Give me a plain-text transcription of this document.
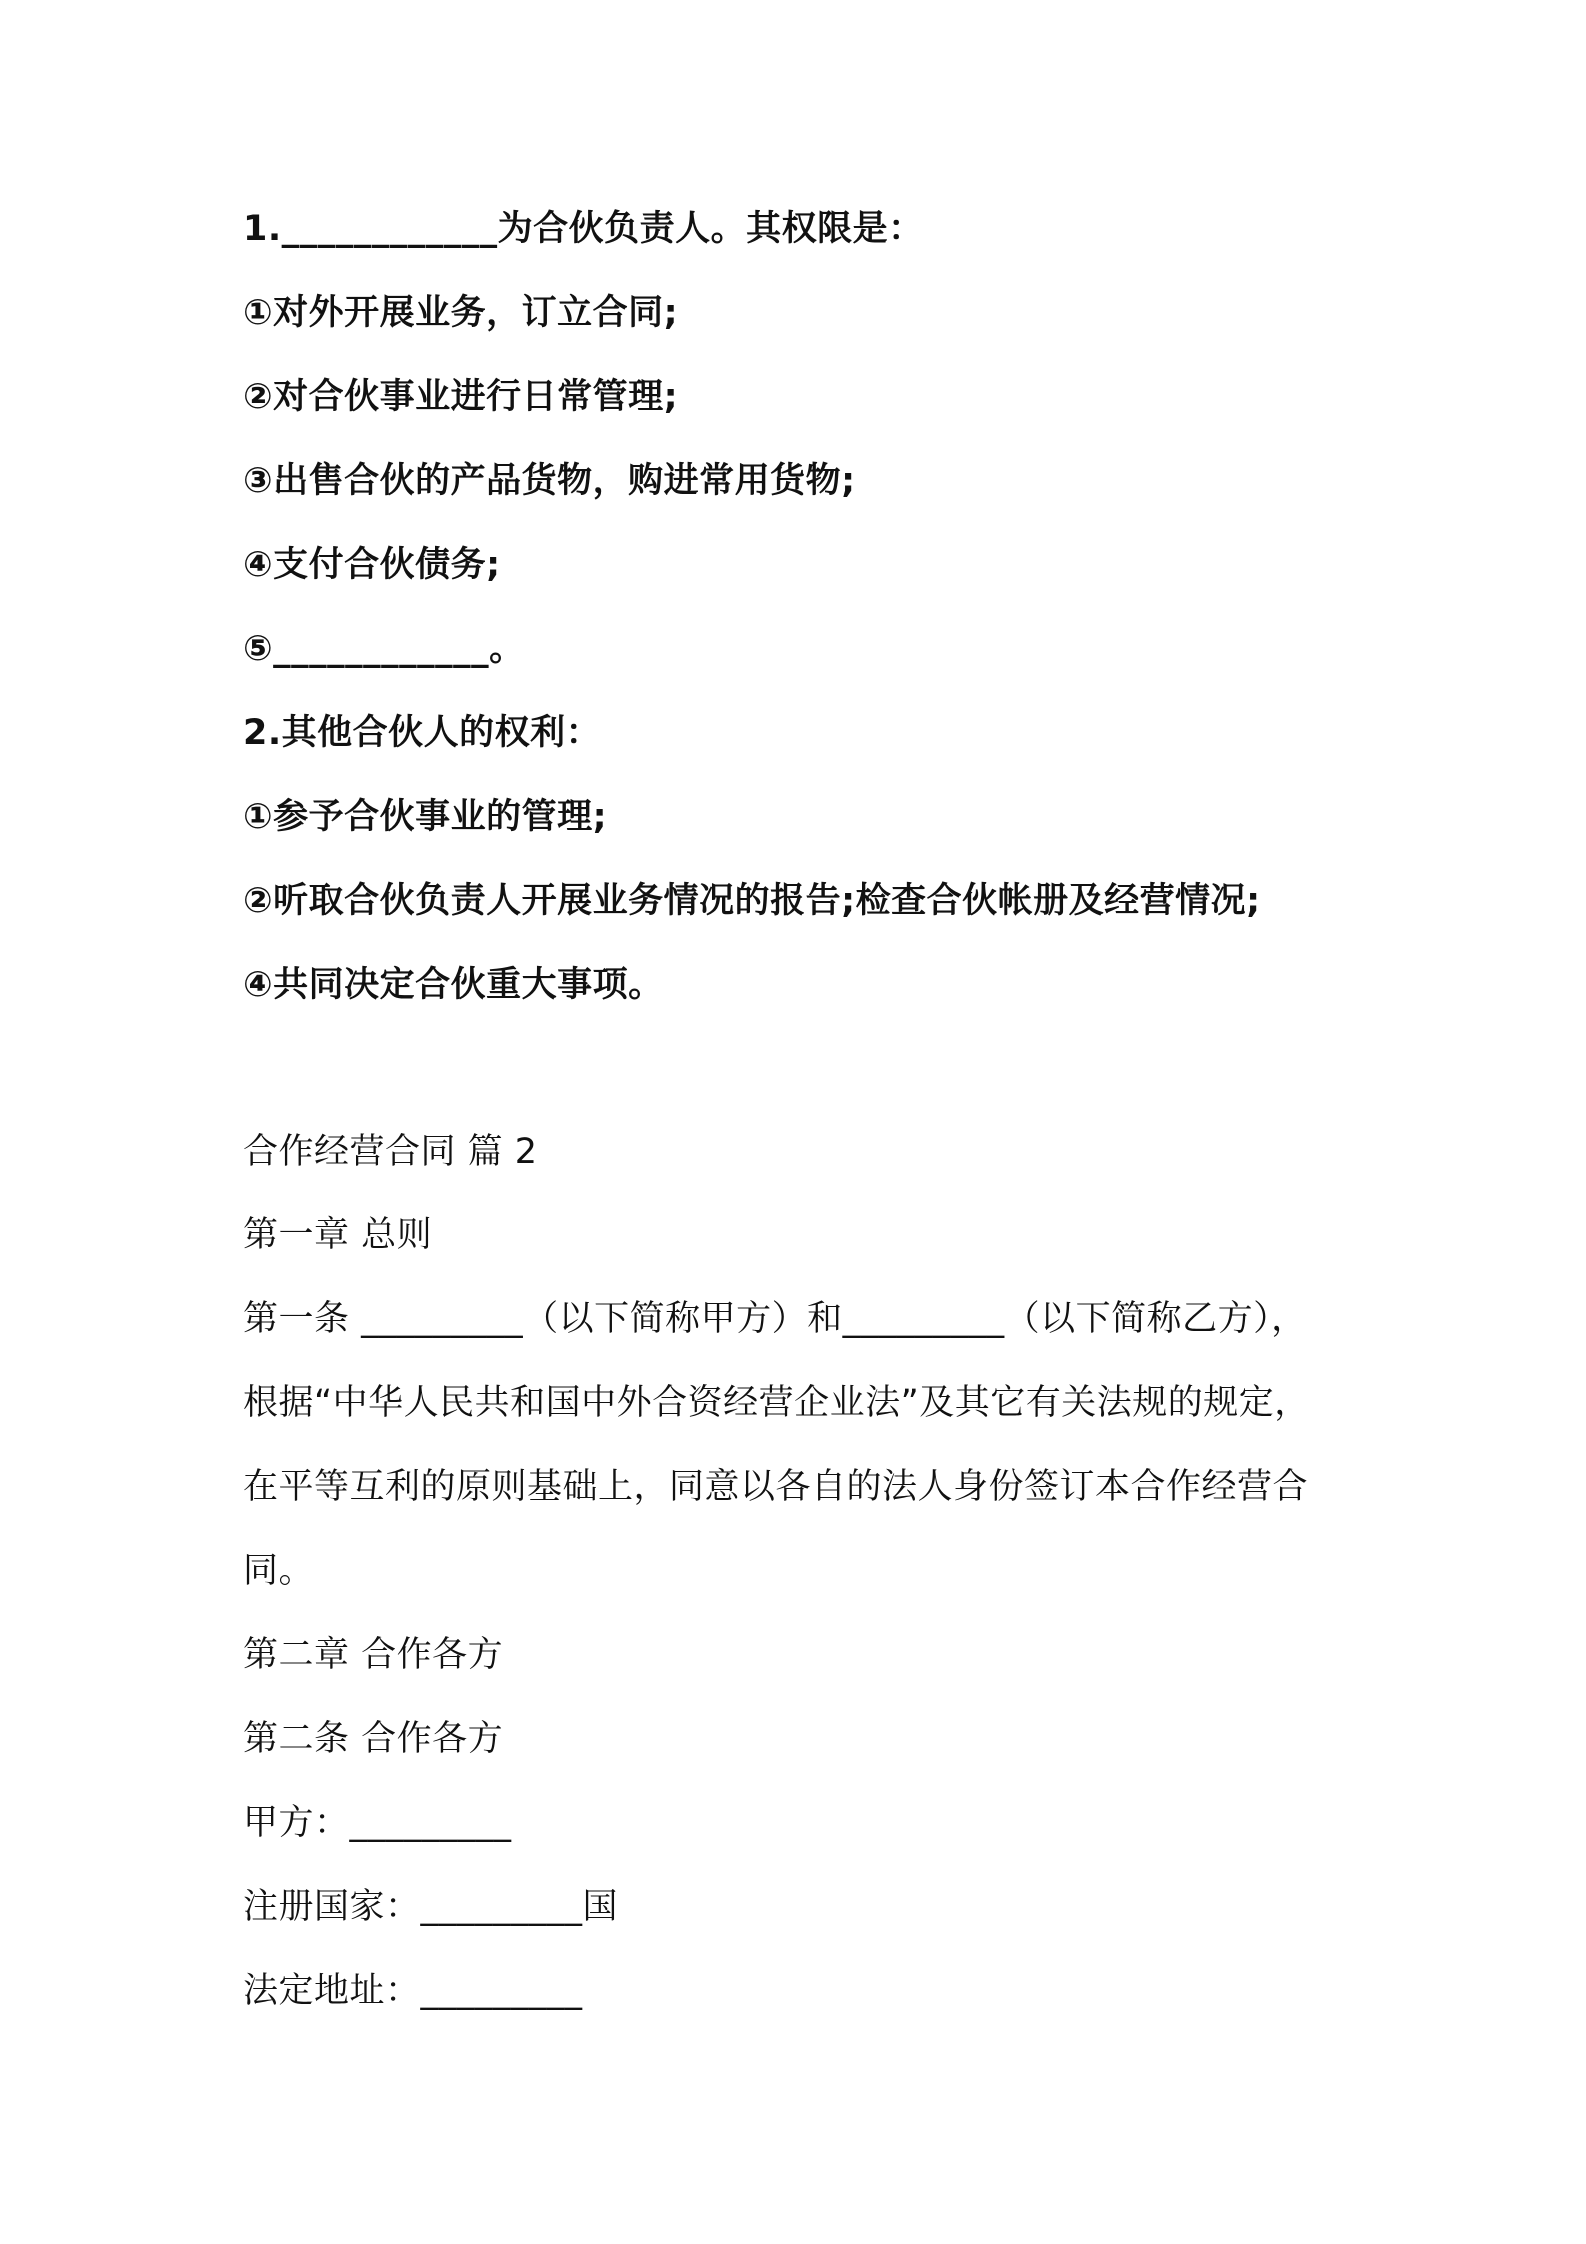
1.____________为合伙负责人。其权限是：
①对外开展业务，订立合同;
②对合伙事业进行日常管理;
③出售合伙的产品货物，购进常用货物;
④支付合伙债务;
⑤____________。
2.其他合伙人的权利：
①参予合伙事业的管理;
②听取合伙负责人开展业务情况的报告;检查合伙帐册及经营情况;
④共同决定合伙重大事项。
合作经营合同 篇 2
第一章 总则
第一条 _________（以下简称甲方）和_________（以下简称乙方），
根据“中华人民共和国中外合资经营企业法”及其它有关法规的规定，
在平等互利的原则基础上，同意以各自的法人身份签订本合作经营合
同。
第二章 合作各方
第二条 合作各方
甲方：_________
注册国家：_________国
法定地址：_________
